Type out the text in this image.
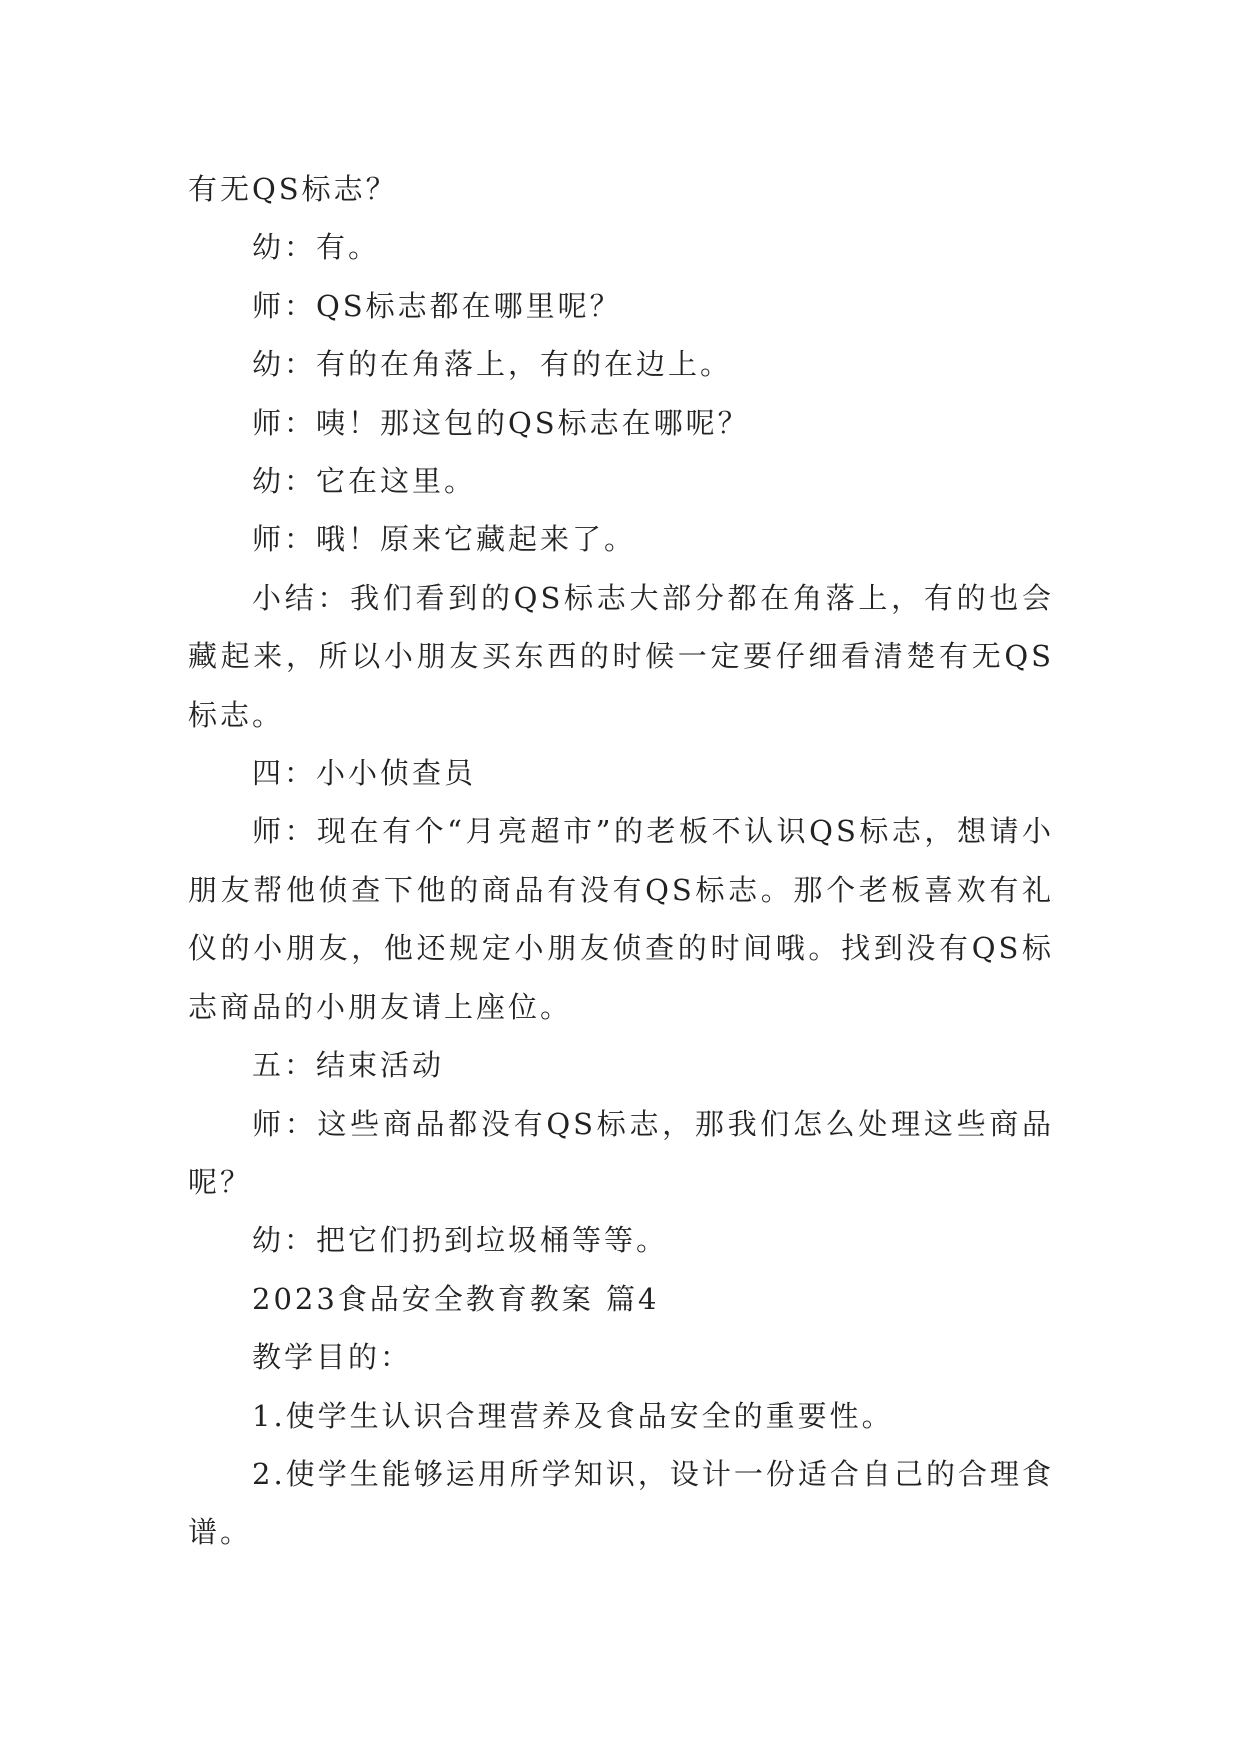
有无QS标志？

幼：有。

师：QS标志都在哪里呢？

幼：有的在角落上，有的在边上。

师：咦！那这包的QS标志在哪呢？

幼：它在这里。

师：哦！原来它藏起来了。

小结：我们看到的QS标志大部分都在角落上，有的也会藏起来，所以小朋友买东西的时候一定要仔细看清楚有无QS标志。

四：小小侦查员

师：现在有个“月亮超市”的老板不认识QS标志，想请小朋友帮他侦查下他的商品有没有QS标志。那个老板喜欢有礼仪的小朋友，他还规定小朋友侦查的时间哦。找到没有QS标志商品的小朋友请上座位。

五：结束活动

师：这些商品都没有QS标志，那我们怎么处理这些商品呢？

幼：把它们扔到垃圾桶等等。

2023食品安全教育教案 篇4

教学目的：

1.使学生认识合理营养及食品安全的重要性。

2.使学生能够运用所学知识，设计一份适合自己的合理食谱。
